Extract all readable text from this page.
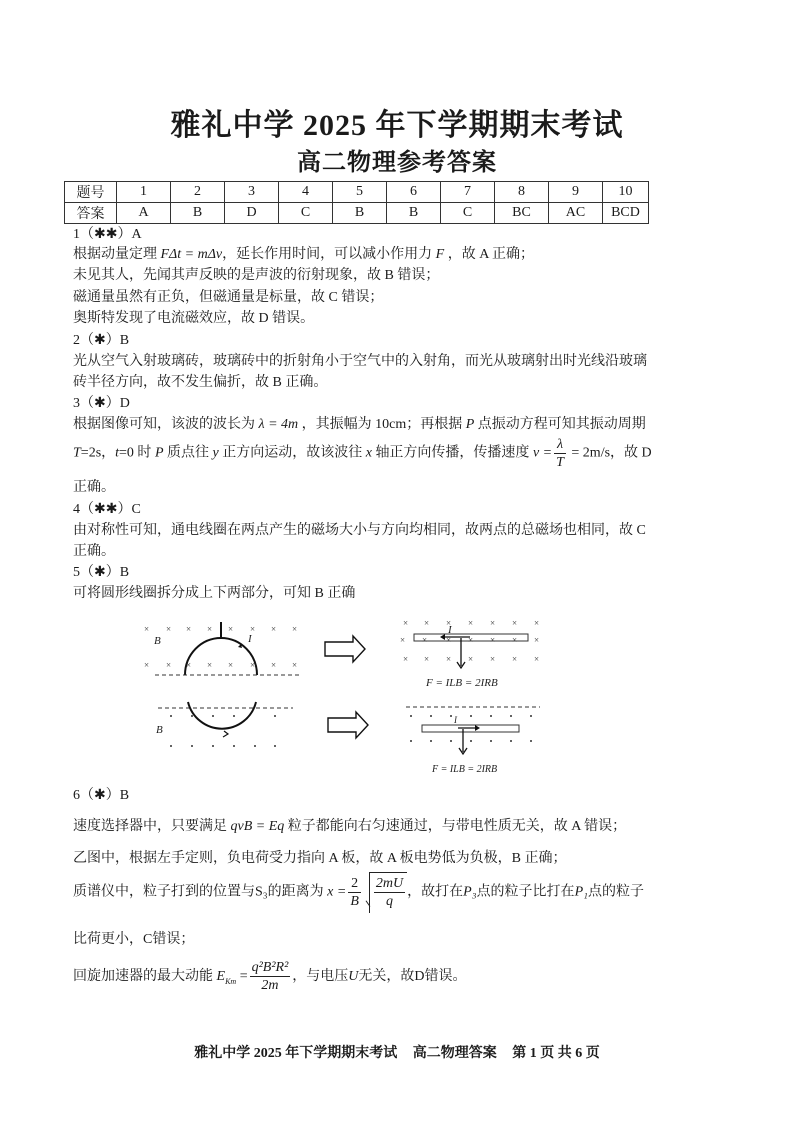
雅礼中学 2025 年下学期期末考试
高二物理参考答案
题号	1	2	3	4	5	6	7	8	9	10
答案	A	B	D	C	B	B	C	BC	AC	BCD
1（✱✱）A
根据动量定理 FΔt = mΔv，延长作用时间，可以减小作用力 F ，故 A 正确；
未见其人，先闻其声反映的是声波的衍射现象，故 B 错误；
磁通量虽然有正负，但磁通量是标量，故 C 错误；
奥斯特发现了电流磁效应，故 D 错误。
2（✱）B
光从空气入射玻璃砖，玻璃砖中的折射角小于空气中的入射角，而光从玻璃射出时光线沿玻璃
砖半径方向，故不发生偏折，故 B 正确。
3（✱）D
根据图像可知，该波的波长为 λ = 4m ，其振幅为 10cm；再根据 P 点振动方程可知其振动周期
T=2s，t=0 时 P 质点往 y 正方向运动，故该波往 x 轴正方向传播，传播速度 $v = \frac{\lambda}{T} = 2m/s$，故 D
正确。
4（✱✱）C
由对称性可知，通电线圈在两点产生的磁场大小与方向均相同，故两点的总磁场也相同，故 C
正确。
5（✱）B
可将圆形线圈拆分成上下两部分，可知 B 正确
× × × × × × × ×
× × × × × × × ×
B	I
× × × × × × ×
× × × × × × ×
× × × × × × ×
I
F = ILB = 2IRB
B
I
F = ILB = 2IRB
6（✱）B
速度选择器中，只要满足 qvB = Eq 粒子都能向右匀速通过，与带电性质无关，故 A 错误；
乙图中，根据左手定则，负电荷受力指向 A 板，故 A 板电势低为负极，B 正确；
质谱仪中，粒子打到的位置与S₃的距离为 $x = \frac{2}{B} \frac{2mU}{q}$ ，故打在P₃点的粒子比打在P₁点的粒子
比荷更小，C错误；
回旋加速器的最大动能 $E_{Km} = \frac{\text{q²B²R²}}{2m}$ ，与电压U无关，故D错误。
雅礼中学 2025 年下学期期末考试 高二物理答案 第 1 页 共 6 页
